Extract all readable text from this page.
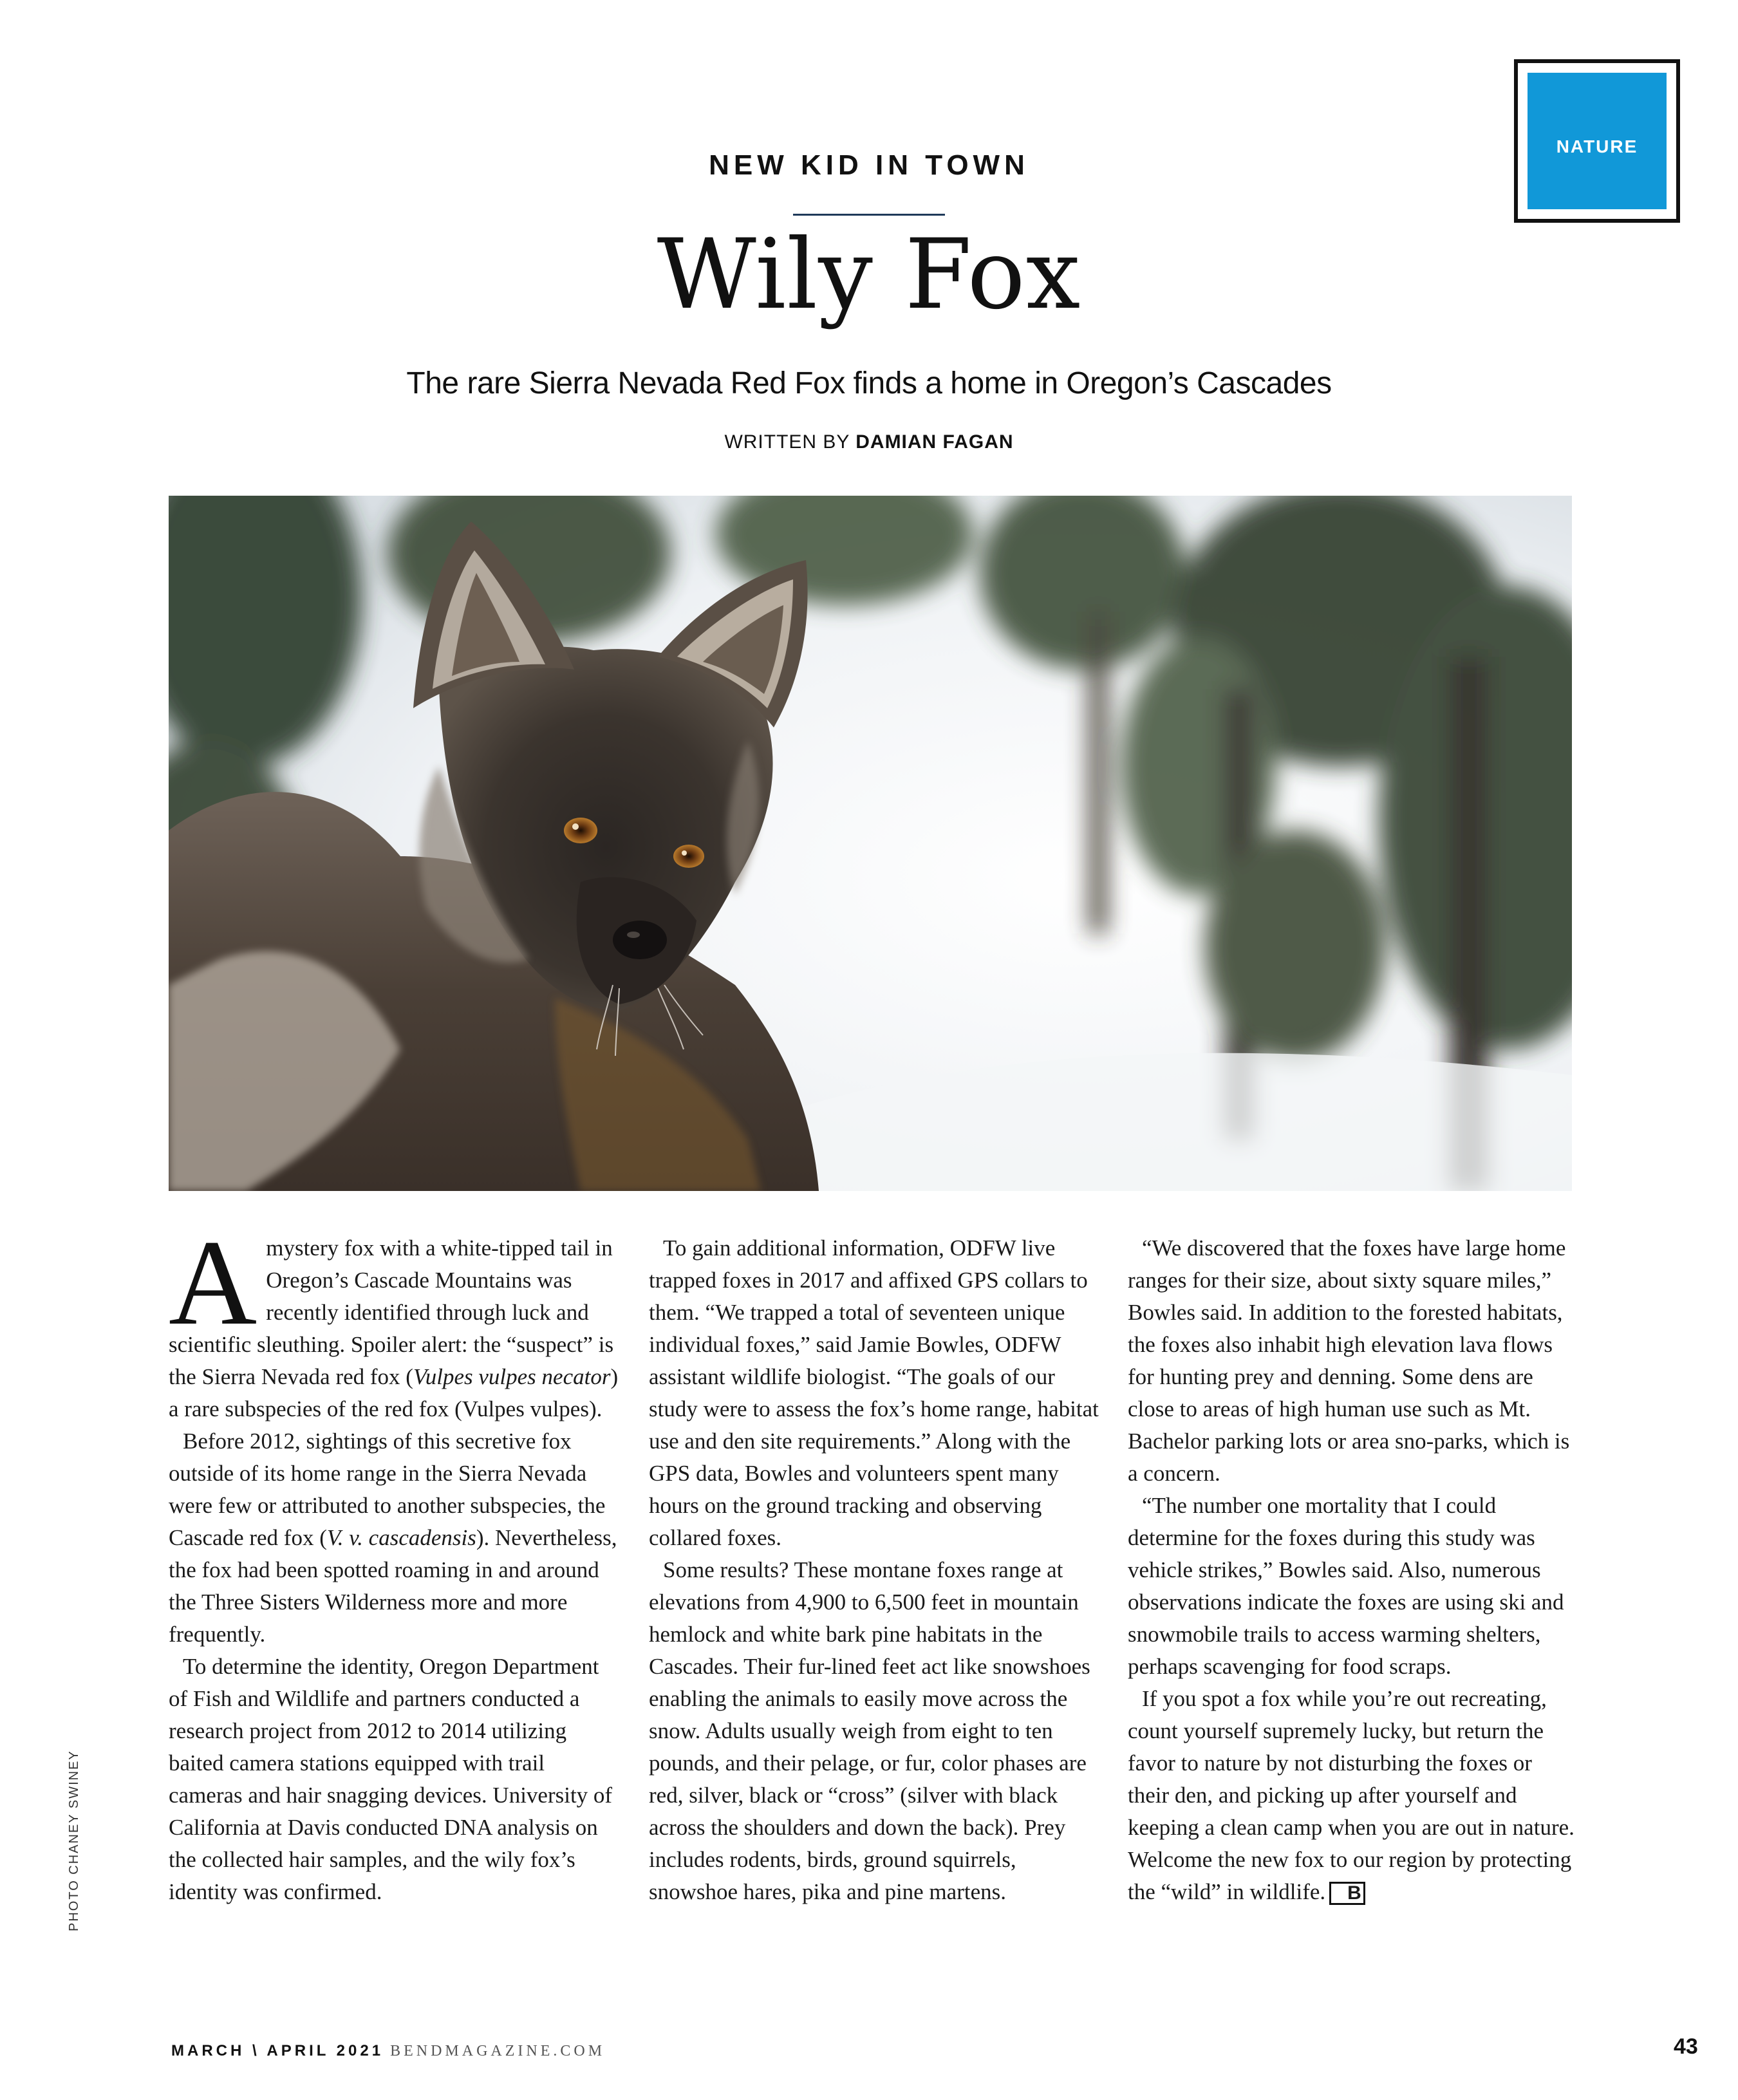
NATURE
NEW KID IN TOWN
Wily Fox
The rare Sierra Nevada Red Fox finds a home in Oregon’s Cascades
WRITTEN BY DAMIAN FAGAN
PHOTO CHANEY SWINEY

Amystery fox with a white-tipped tail in Oregon’s Cascade Mountains was recently identified through luck and scientific sleuthing. Spoiler alert: the “suspect” is the Sierra Nevada red fox (Vulpes vulpes necator) a rare subspecies of the red fox (Vulpes vulpes).

Before 2012, sightings of this secretive fox outside of its home range in the Sierra Nevada were few or attributed to another subspecies, the Cascade red fox (V. v. cascadensis). Nevertheless, the fox had been spotted roaming in and around the Three Sisters Wilderness more and more frequently.

To determine the identity, Oregon Department of Fish and Wildlife and partners conducted a research project from 2012 to 2014 utilizing baited camera stations equipped with trail cameras and hair snagging devices. University of California at Davis conducted DNA analysis on the collected hair samples, and the wily fox’s identity was confirmed.

To gain additional information, ODFW live trapped foxes in 2017 and affixed GPS collars to them. “We trapped a total of seventeen unique individual foxes,” said Jamie Bowles, ODFW assistant wildlife biologist. “The goals of our study were to assess the fox’s home range, habitat use and den site requirements.” Along with the GPS data, Bowles and volunteers spent many hours on the ground tracking and observing collared foxes.

Some results? These montane foxes range at elevations from 4,900 to 6,500 feet in mountain hemlock and white bark pine habitats in the Cascades. Their fur-lined feet act like snowshoes enabling the animals to easily move across the snow. Adults usually weigh from eight to ten pounds, and their pelage, or fur, color phases are red, silver, black or “cross” (silver with black across the shoulders and down the back). Prey includes rodents, birds, ground squirrels, snowshoe hares, pika and pine martens.

“We discovered that the foxes have large home ranges for their size, about sixty square miles,” Bowles said. In addition to the forested habitats, the foxes also inhabit high elevation lava flows for hunting prey and denning. Some dens are close to areas of high human use such as Mt. Bachelor parking lots or area sno-parks, which is a concern.

“The number one mortality that I could determine for the foxes during this study was vehicle strikes,” Bowles said. Also, numerous observations indicate the foxes are using ski and snowmobile trails to access warming shelters, perhaps scavenging for food scraps.

If you spot a fox while you’re out recreating, count yourself supremely lucky, but return the favor to nature by not disturbing the foxes or their den, and picking up after yourself and keeping a clean camp when you are out in nature. Welcome the new fox to our region by protecting the “wild” in wildlife. B

MARCH \ APRIL 2021 BENDMAGAZINE.COM	43
